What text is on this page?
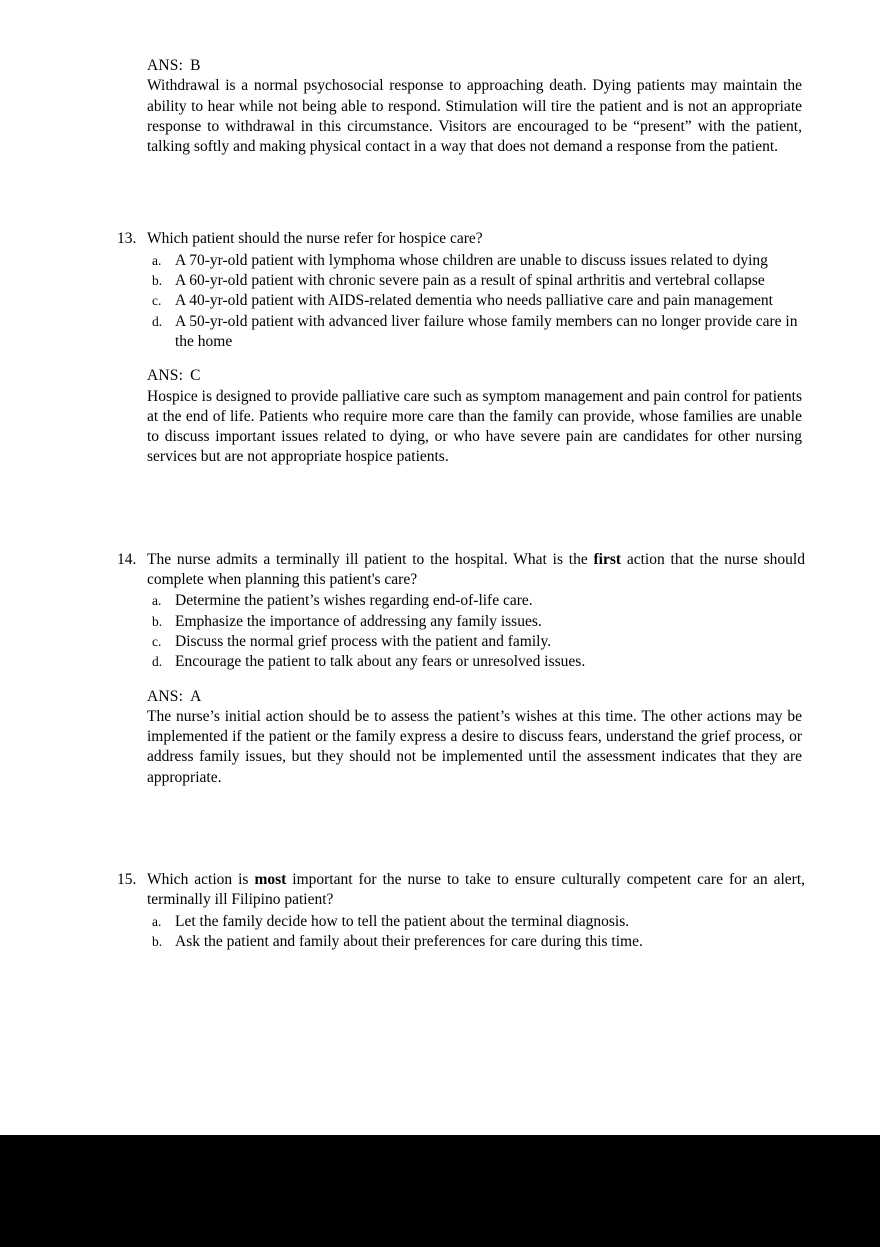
ANS: B
Withdrawal is a normal psychosocial response to approaching death. Dying patients may maintain the ability to hear while not being able to respond. Stimulation will tire the patient and is not an appropriate response to withdrawal in this circumstance. Visitors are encouraged to be “present” with the patient, talking softly and making physical contact in a way that does not demand a response from the patient.
13. Which patient should the nurse refer for hospice care?
a. A 70-yr-old patient with lymphoma whose children are unable to discuss issues related to dying
b. A 60-yr-old patient with chronic severe pain as a result of spinal arthritis and vertebral collapse
c. A 40-yr-old patient with AIDS-related dementia who needs palliative care and pain management
d. A 50-yr-old patient with advanced liver failure whose family members can no longer provide care in the home
ANS: C
Hospice is designed to provide palliative care such as symptom management and pain control for patients at the end of life. Patients who require more care than the family can provide, whose families are unable to discuss important issues related to dying, or who have severe pain are candidates for other nursing services but are not appropriate hospice patients.
14. The nurse admits a terminally ill patient to the hospital. What is the first action that the nurse should complete when planning this patient's care?
a. Determine the patient’s wishes regarding end-of-life care.
b. Emphasize the importance of addressing any family issues.
c. Discuss the normal grief process with the patient and family.
d. Encourage the patient to talk about any fears or unresolved issues.
ANS: A
The nurse’s initial action should be to assess the patient’s wishes at this time. The other actions may be implemented if the patient or the family express a desire to discuss fears, understand the grief process, or address family issues, but they should not be implemented until the assessment indicates that they are appropriate.
15. Which action is most important for the nurse to take to ensure culturally competent care for an alert, terminally ill Filipino patient?
a. Let the family decide how to tell the patient about the terminal diagnosis.
b. Ask the patient and family about their preferences for care during this time.
